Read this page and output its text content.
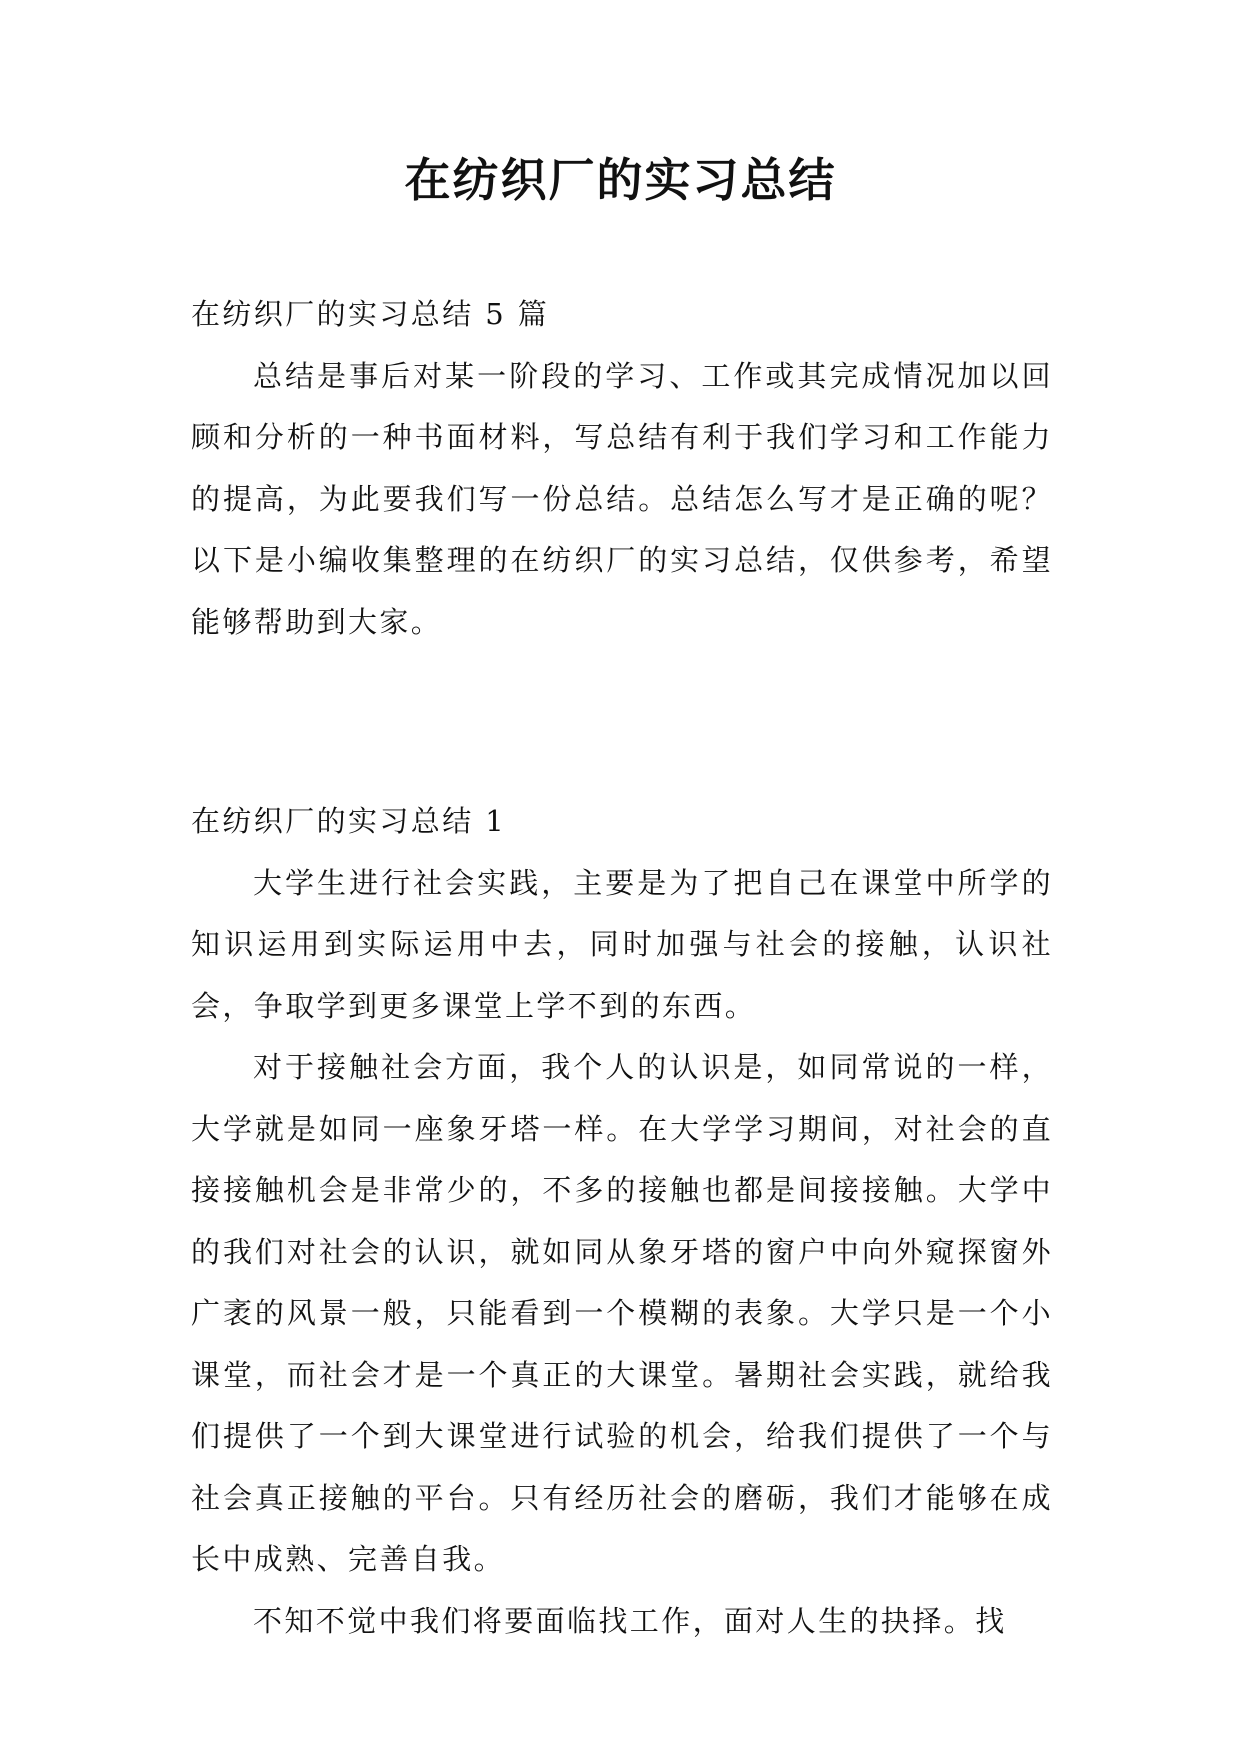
在纺织厂的实习总结

在纺织厂的实习总结 5 篇

总结是事后对某一阶段的学习、工作或其完成情况加以回顾和分析的一种书面材料，写总结有利于我们学习和工作能力的提高，为此要我们写一份总结。总结怎么写才是正确的呢？以下是小编收集整理的在纺织厂的实习总结，仅供参考，希望能够帮助到大家。

在纺织厂的实习总结 1

大学生进行社会实践，主要是为了把自己在课堂中所学的知识运用到实际运用中去，同时加强与社会的接触，认识社会，争取学到更多课堂上学不到的东西。

对于接触社会方面，我个人的认识是，如同常说的一样，大学就是如同一座象牙塔一样。在大学学习期间，对社会的直接接触机会是非常少的，不多的接触也都是间接接触。大学中的我们对社会的认识，就如同从象牙塔的窗户中向外窥探窗外广袤的风景一般，只能看到一个模糊的表象。大学只是一个小课堂，而社会才是一个真正的大课堂。暑期社会实践，就给我们提供了一个到大课堂进行试验的机会，给我们提供了一个与社会真正接触的平台。只有经历社会的磨砺，我们才能够在成长中成熟、完善自我。

不知不觉中我们将要面临找工作，面对人生的抉择。找
